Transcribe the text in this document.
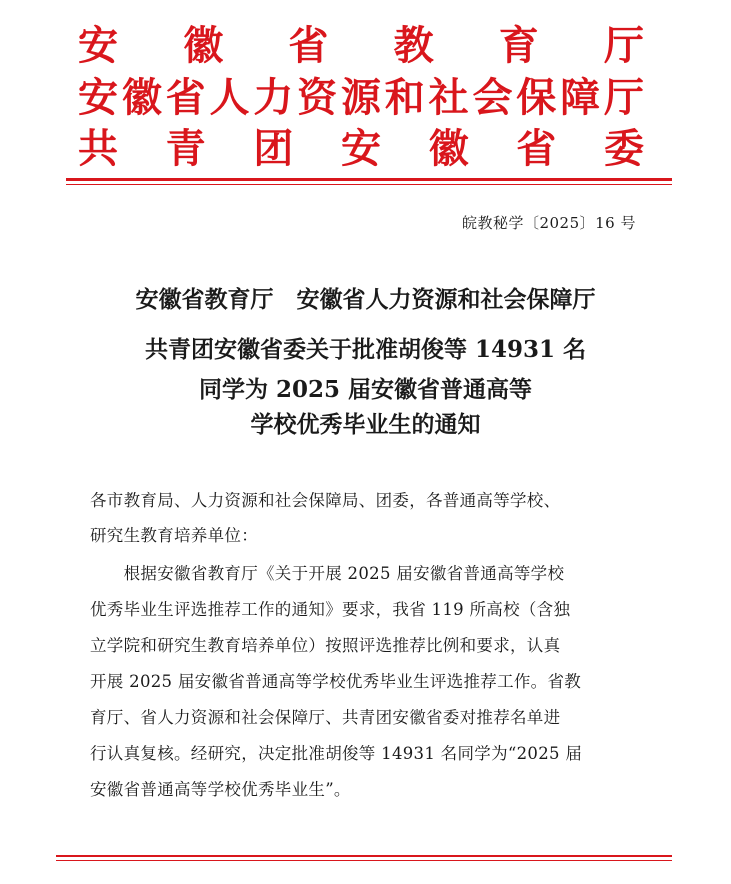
安 徽 省 教 育 厅
安 徽 省 人 力 资 源 和 社 会 保 障 厅
共 青 团 安 徽 省 委
皖教秘学〔2025〕16 号
安徽省教育厅　安徽省人力资源和社会保障厅
共青团安徽省委关于批准胡俊等 14931 名
同学为 2025 届安徽省普通高等
学校优秀毕业生的通知
各市教育局、人力资源和社会保障局、团委，各普通高等学校、
研究生教育培养单位：
　　根据安徽省教育厅《关于开展 2025 届安徽省普通高等学校
优秀毕业生评选推荐工作的通知》要求，我省 119 所高校（含独
立学院和研究生教育培养单位）按照评选推荐比例和要求，认真
开展 2025 届安徽省普通高等学校优秀毕业生评选推荐工作。省教
育厅、省人力资源和社会保障厅、共青团安徽省委对推荐名单进
行认真复核。经研究，决定批准胡俊等 14931 名同学为“2025 届
安徽省普通高等学校优秀毕业生”。
